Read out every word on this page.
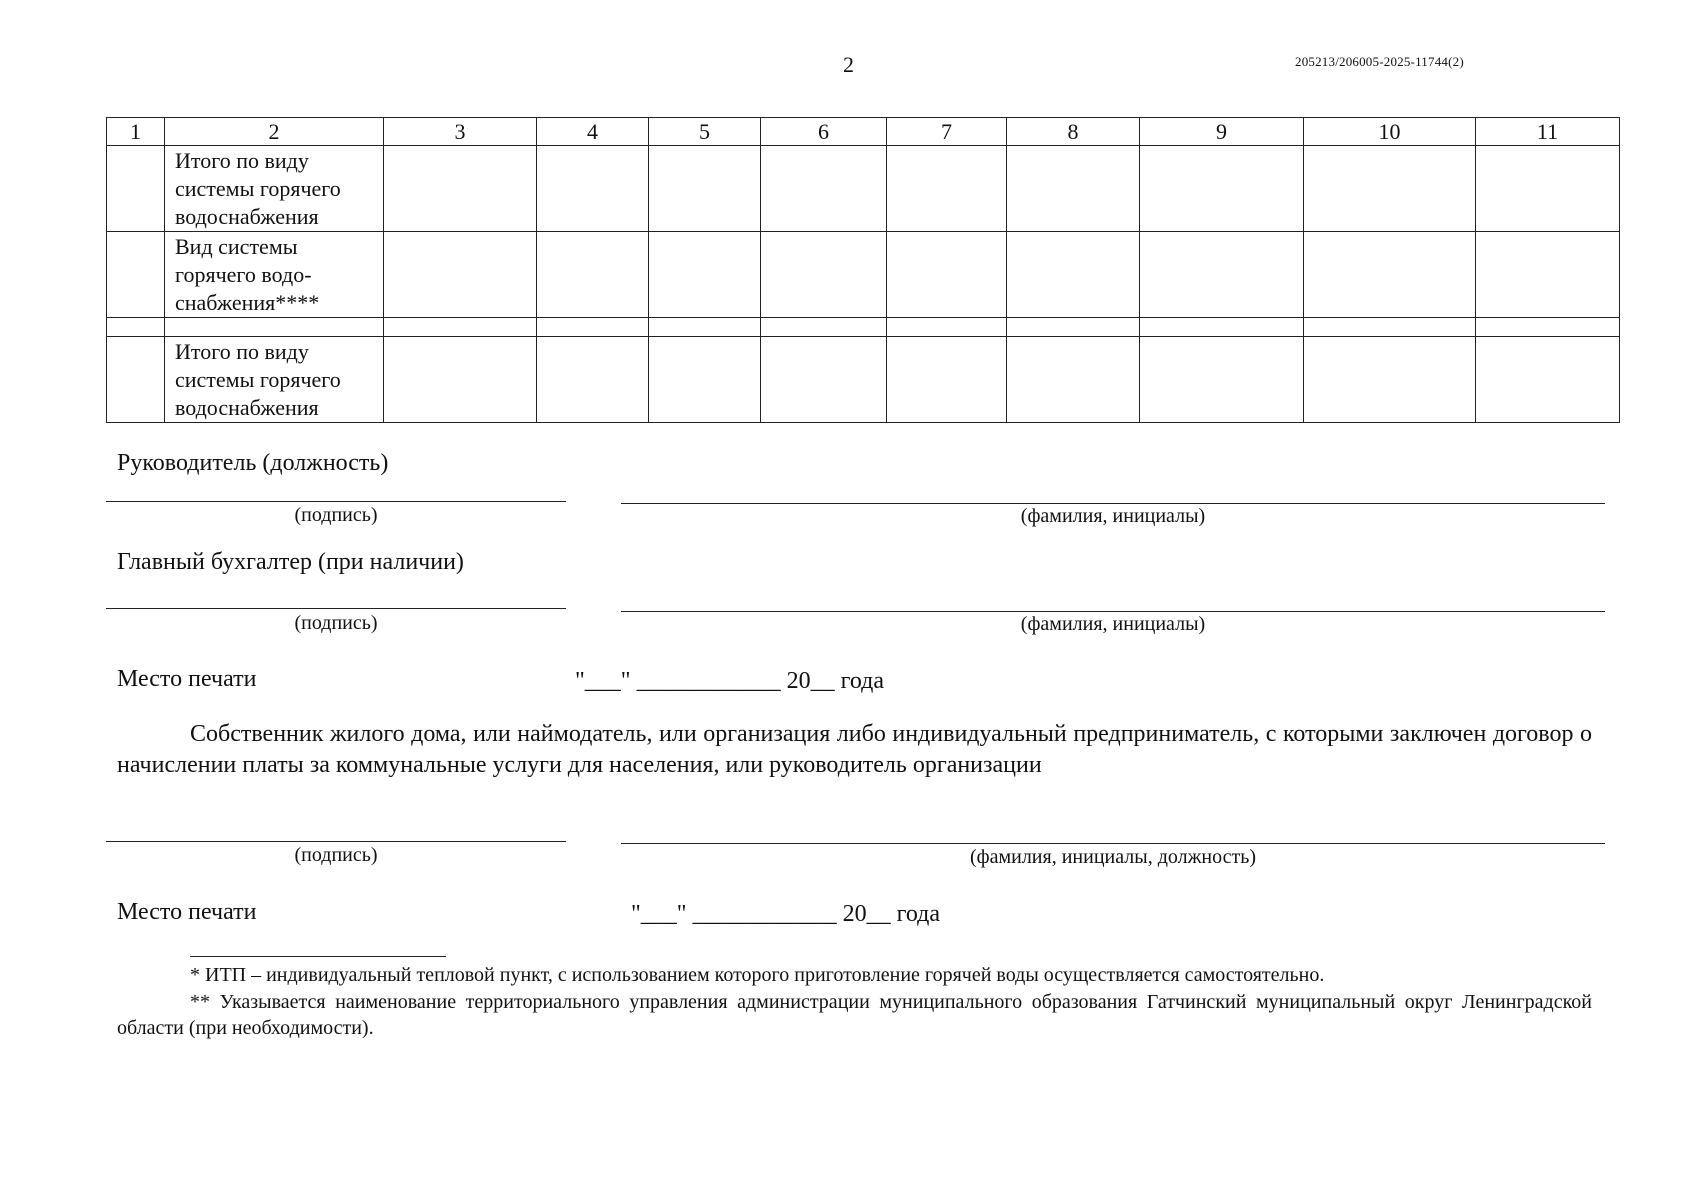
2	205213/206005-2025-11744(2)
1	2	3	4	5	6	7	8	9	10	11

	Итого по виду
системы горячего
водоснабжения									

	Вид системы
горячего водо-
снабжения****									

	Итого по виду
системы горячего
водоснабжения									

Руководитель (должность)
(подпись)	(фамилия, инициалы)
Главный бухгалтер (при наличии)
(подпись)	(фамилия, инициалы)
Место печати	"___" ____________ 20__ года
Собственник жилого дома, или наймодатель, или организация либо индивидуальный предприниматель, с которыми заключен договор о начислении платы за коммунальные услуги для населения, или руководитель организации
(подпись)	(фамилия, инициалы, должность)
Место печати	"___" ____________ 20__ года
* ИТП – индивидуальный тепловой пункт, с использованием которого приготовление горячей воды осуществляется самостоятельно.
** Указывается наименование территориального управления администрации муниципального образования Гатчинский муниципальный округ Ленинградской области (при необходимости).
